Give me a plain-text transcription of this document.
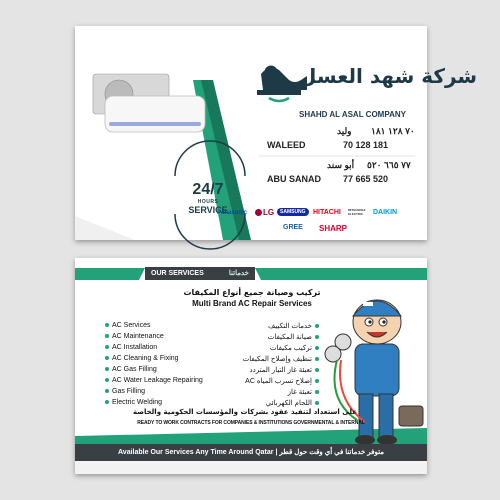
شركة شهد العسل
SHAHD AL ASAL COMPANY
وليد ٧٠ ١٢٨ ١٨١
WALEED	70 128 181
أبو سند ٧٧ ٦٦٥ ٥٢٠
ABU SANAD 77 665 520
24/7
HOURS
SERVICE
Panasonic	LG	SAMSUNG	HITACHI MITSUBISHI ELECTRIC	DAIKIN
GREE SHARP
OUR SERVICES	خدماتنا
تركيب وصيانة جميع أنواع المكيفات
Multi Brand AC Repair Services
AC Services
AC Maintenance
AC Installation
AC Cleaning & Fixing
AC Gas Filling
AC Water Leakage Repairing
Gas Filling
Electric Welding
خدمات التكييف
صيانة المكيفات
تركيب مكيفات
تنظيف وإصلاح المكيفات
تعبئة غاز التيار المتردد
إصلاح تسرب المياه AC
تعبئة غاز
اللحام الكهربائي
على استعداد لتنفيذ عقود بشركات والمؤسسات الحكومية والخاصة
READY TO WORK CONTRACTS FOR COMPANIES & INSTITUTIONS GOVERNMENTAL & INTERNAL
Available Our Services Any Time Around Qatar | متوفر خدماتنا في أي وقت حول قطر
